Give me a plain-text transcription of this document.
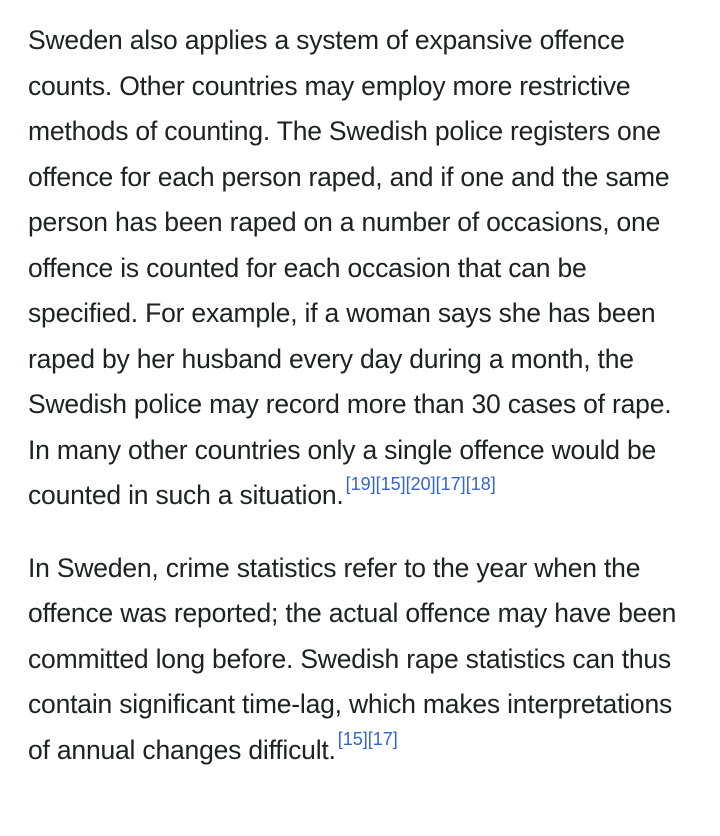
Sweden also applies a system of expansive offence counts. Other countries may employ more restrictive methods of counting. The Swedish police registers one offence for each person raped, and if one and the same person has been raped on a number of occasions, one offence is counted for each occasion that can be specified. For example, if a woman says she has been raped by her husband every day during a month, the Swedish police may record more than 30 cases of rape. In many other countries only a single offence would be counted in such a situation. [19][15][20][17][18]

In Sweden, crime statistics refer to the year when the offence was reported; the actual offence may have been committed long before. Swedish rape statistics can thus contain significant time-lag, which makes interpretations of annual changes difficult. [15][17]
